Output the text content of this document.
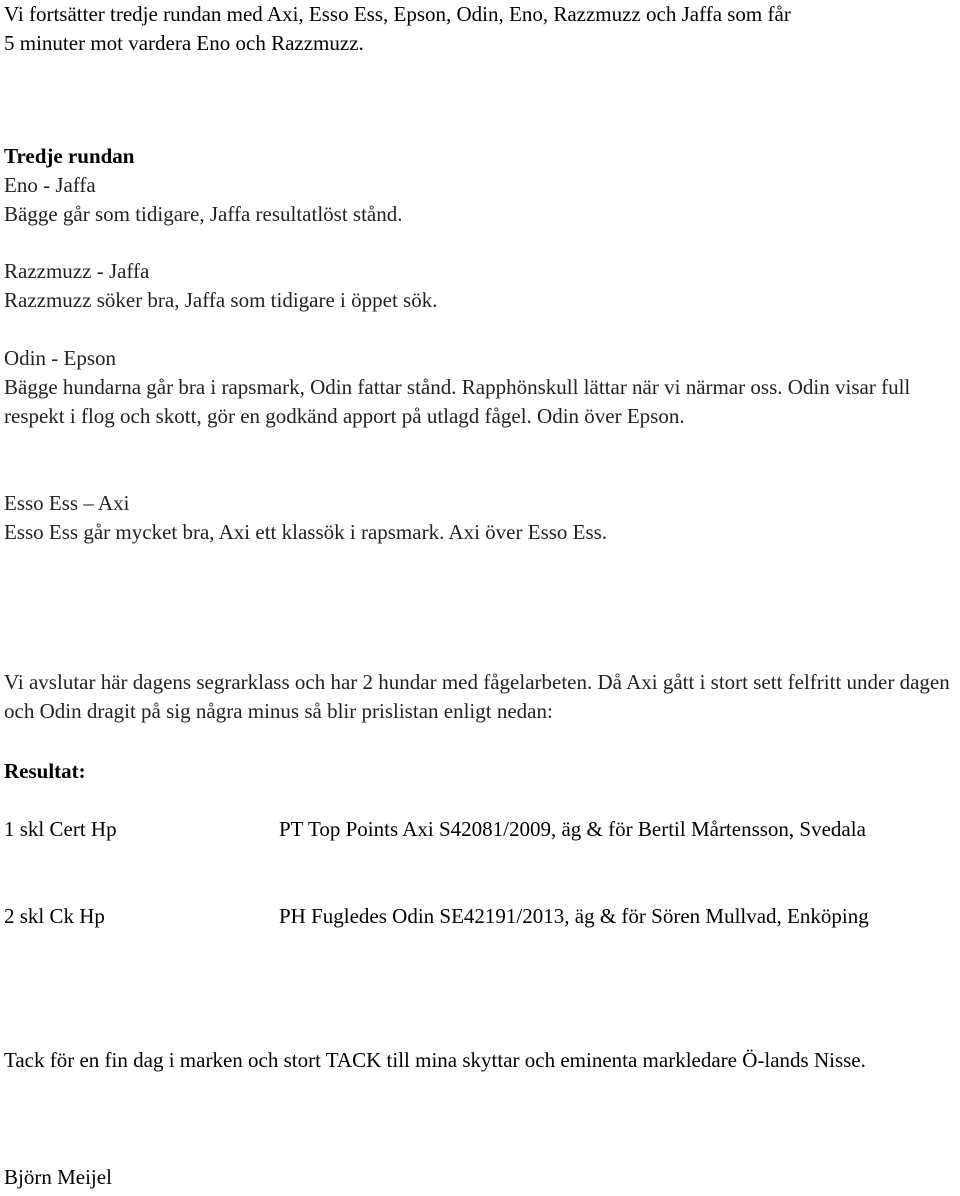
Vi fortsätter tredje rundan med Axi, Esso Ess, Epson, Odin, Eno, Razzmuzz och Jaffa som får

5 minuter mot vardera Eno och Razzmuzz.

Tredje rundan

Eno - Jaffa

Bägge går som tidigare, Jaffa resultatlöst stånd.

Razzmuzz - Jaffa

Razzmuzz söker bra, Jaffa som tidigare i öppet sök.

Odin - Epson

Bägge hundarna går bra i rapsmark, Odin fattar stånd. Rapphönskull lättar när vi närmar oss. Odin visar full respekt i flog och skott, gör en godkänd apport på utlagd fågel. Odin över Epson.

Esso Ess – Axi

Esso Ess går mycket bra, Axi ett klassök i rapsmark. Axi över Esso Ess.

Vi avslutar här dagens segrarklass och har 2 hundar med fågelarbeten. Då Axi gått i stort sett felfritt under dagen och Odin dragit på sig några minus så blir prislistan enligt nedan:

Resultat:

1 skl Cert Hp	PT Top Points Axi S42081/2009, äg & för Bertil Mårtensson, Svedala
2 skl Ck Hp	PH Fugledes Odin SE42191/2013, äg & för Sören Mullvad, Enköping

Tack för en fin dag i marken och stort TACK till mina skyttar och eminenta markledare Ö-lands Nisse.

Björn Meijel
